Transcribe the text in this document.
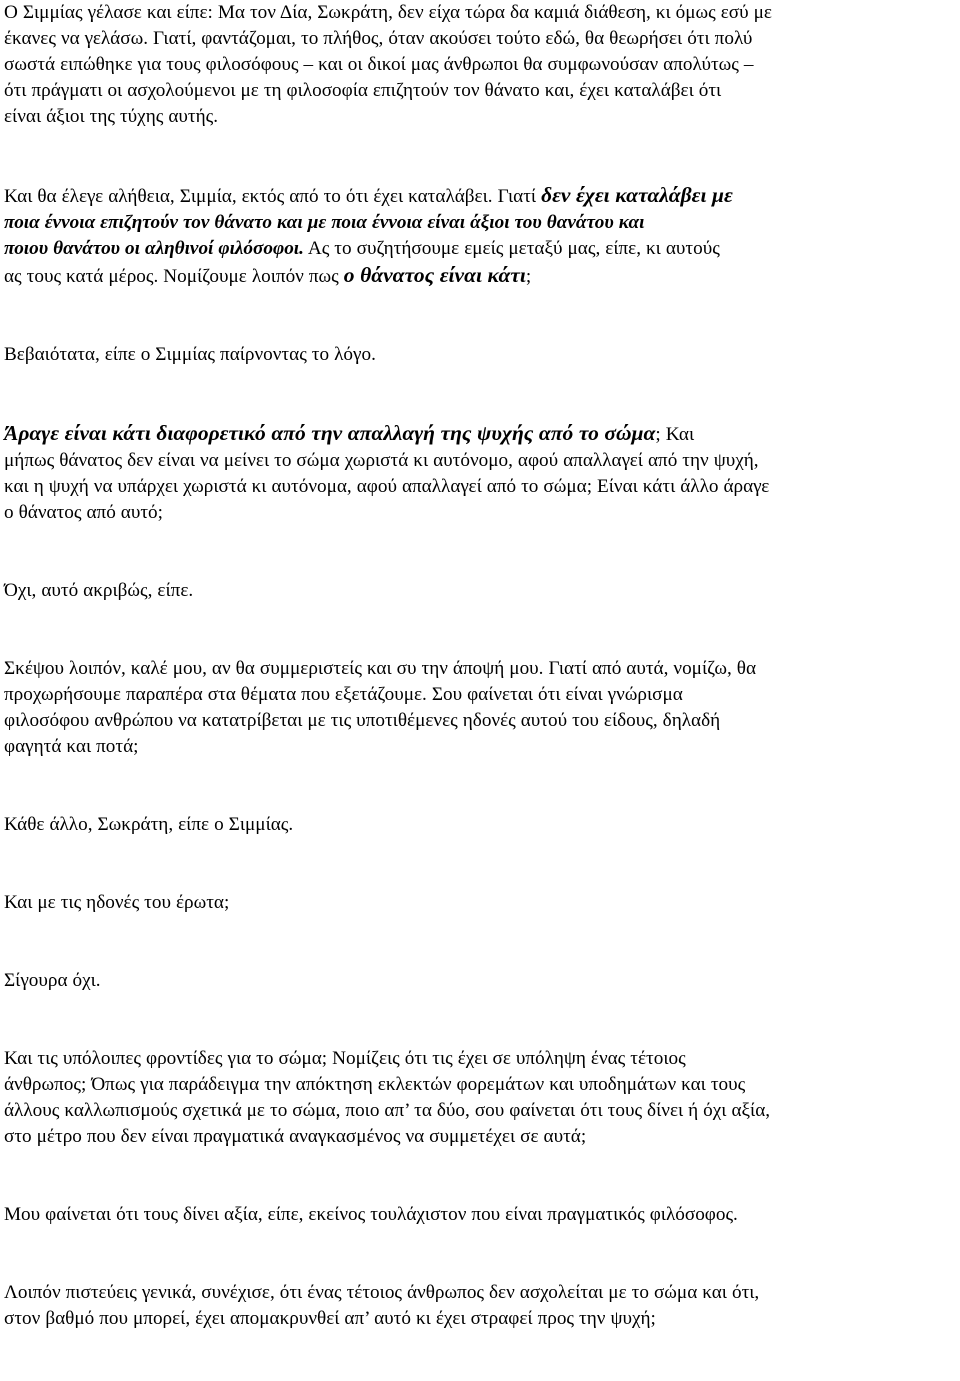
Ο Σιμμίας γέλασε και είπε: Μα τον Δία, Σωκράτη, δεν είχα τώρα δα καμιά διάθεση, κι όμως εσύ με
έκανες να γελάσω. Γιατί, φαντάζομαι, το πλήθος, όταν ακούσει τούτο εδώ, θα θεωρήσει ότι πολύ
σωστά ειπώθηκε για τους φιλοσόφους – και οι δικοί μας άνθρωποι θα συμφωνούσαν απολύτως –
ότι πράγματι οι ασχολούμενοι με τη φιλοσοφία επιζητούν τον θάνατο και, έχει καταλάβει ότι
είναι άξιοι της τύχης αυτής.

Και θα έλεγε αλήθεια, Σιμμία, εκτός από το ότι έχει καταλάβει. Γιατί δεν έχει καταλάβει με
ποια έννοια επιζητούν τον θάνατο και με ποια έννοια είναι άξιοι του θανάτου και
ποιου θανάτου οι αληθινοί φιλόσοφοι. Ας το συζητήσουμε εμείς μεταξύ μας, είπε, κι αυτούς
ας τους κατά μέρος. Νομίζουμε λοιπόν πως ο θάνατος είναι κάτι;

Βεβαιότατα, είπε ο Σιμμίας παίρνοντας το λόγο.

Άραγε είναι κάτι διαφορετικό από την απαλλαγή της ψυχής από το σώμα; Και
μήπως θάνατος δεν είναι να μείνει το σώμα χωριστά κι αυτόνομο, αφού απαλλαγεί από την ψυχή,
και η ψυχή να υπάρχει χωριστά κι αυτόνομα, αφού απαλλαγεί από το σώμα; Είναι κάτι άλλο άραγε
ο θάνατος από αυτό;

Όχι, αυτό ακριβώς, είπε.

Σκέψου λοιπόν, καλέ μου, αν θα συμμεριστείς και συ την άποψή μου. Γιατί από αυτά, νομίζω, θα
προχωρήσουμε παραπέρα στα θέματα που εξετάζουμε. Σου φαίνεται ότι είναι γνώρισμα
φιλοσόφου ανθρώπου να κατατρίβεται με τις υποτιθέμενες ηδονές αυτού του είδους, δηλαδή
φαγητά και ποτά;

Κάθε άλλο, Σωκράτη, είπε ο Σιμμίας.

Και με τις ηδονές του έρωτα;

Σίγουρα όχι.

Και τις υπόλοιπες φροντίδες για το σώμα; Νομίζεις ότι τις έχει σε υπόληψη ένας τέτοιος
άνθρωπος; Όπως για παράδειγμα την απόκτηση εκλεκτών φορεμάτων και υποδημάτων και τους
άλλους καλλωπισμούς σχετικά με το σώμα, ποιο απ’ τα δύο, σου φαίνεται ότι τους δίνει ή όχι αξία,
στο μέτρο που δεν είναι πραγματικά αναγκασμένος να συμμετέχει σε αυτά;

Μου φαίνεται ότι τους δίνει αξία, είπε, εκείνος τουλάχιστον που είναι πραγματικός φιλόσοφος.

Λοιπόν πιστεύεις γενικά, συνέχισε, ότι ένας τέτοιος άνθρωπος δεν ασχολείται με το σώμα και ότι,
στον βαθμό που μπορεί, έχει απομακρυνθεί απ’ αυτό κι έχει στραφεί προς την ψυχή;
